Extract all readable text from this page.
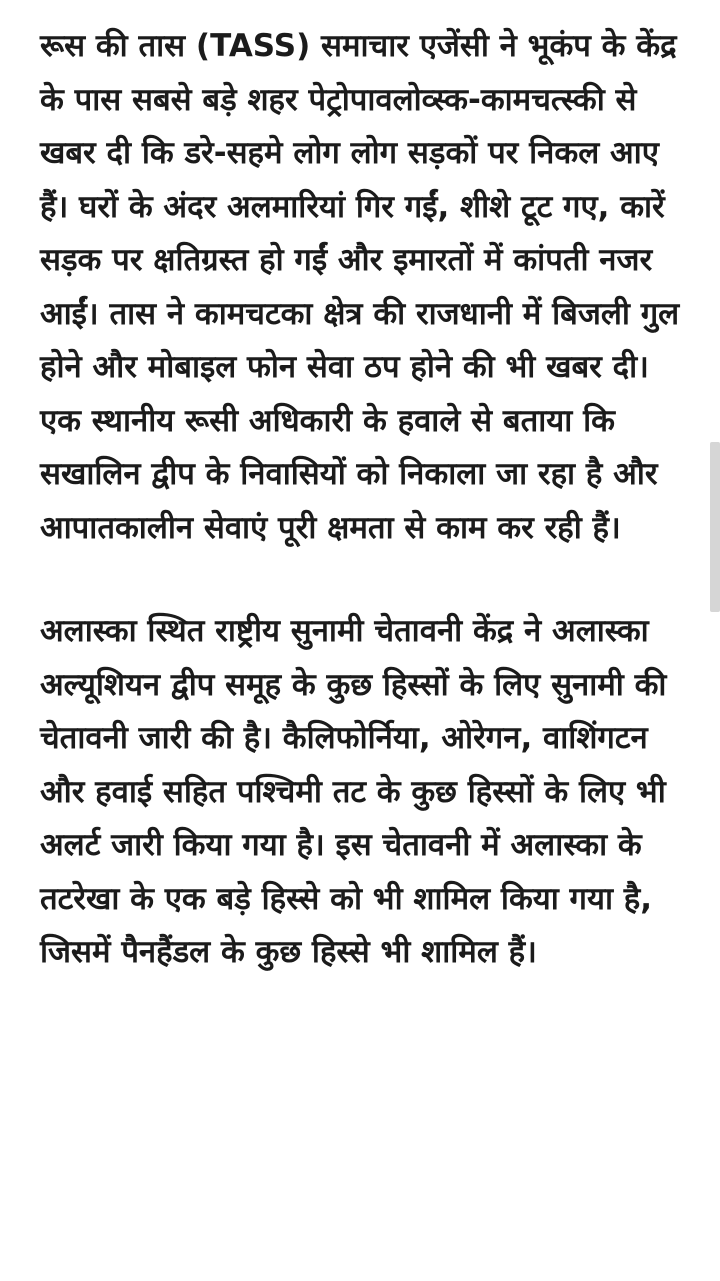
रूस की तास (TASS) समाचार एजेंसी ने भूकंप के केंद्र के पास सबसे बड़े शहर पेट्रोपावलोव्स्क-कामचत्स्की से खबर दी कि डरे-सहमे लोग लोग सड़कों पर निकल आए हैं। घरों के अंदर अलमारियां गिर गईं, शीशे टूट गए, कारें सड़क पर क्षतिग्रस्त हो गईं और इमारतों में कांपती नजर आईं। तास ने कामचटका क्षेत्र की राजधानी में बिजली गुल होने और मोबाइल फोन सेवा ठप होने की भी खबर दी। एक स्थानीय रूसी अधिकारी के हवाले से बताया कि सखालिन द्वीप के निवासियों को निकाला जा रहा है और आपातकालीन सेवाएं पूरी क्षमता से काम कर रही हैं।

अलास्का स्थित राष्ट्रीय सुनामी चेतावनी केंद्र ने अलास्का अल्यूशियन द्वीप समूह के कुछ हिस्सों के लिए सुनामी की चेतावनी जारी की है। कैलिफोर्निया, ओरेगन, वाशिंगटन और हवाई सहित पश्चिमी तट के कुछ हिस्सों के लिए भी अलर्ट जारी किया गया है। इस चेतावनी में अलास्का के तटरेखा के एक बड़े हिस्से को भी शामिल किया गया है, जिसमें पैनहैंडल के कुछ हिस्से भी शामिल हैं।
